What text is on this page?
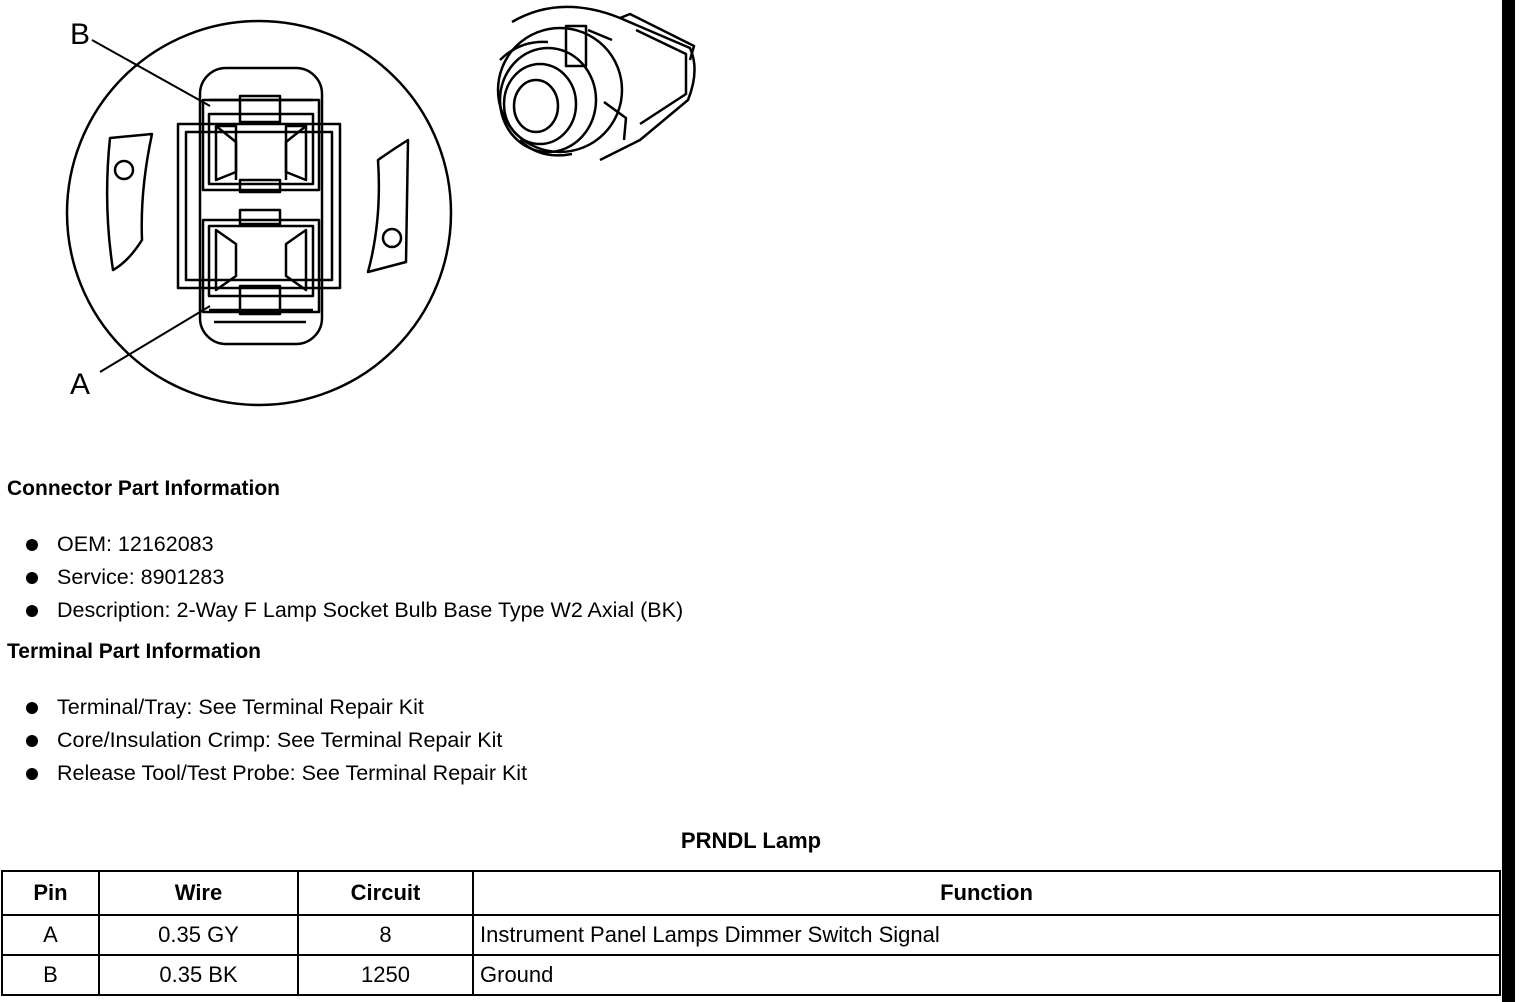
B
A
Connector Part Information
OEM: 12162083
Service: 8901283
Description: 2-Way F Lamp Socket Bulb Base Type W2 Axial (BK)
Terminal Part Information
Terminal/Tray: See Terminal Repair Kit
Core/Insulation Crimp: See Terminal Repair Kit
Release Tool/Test Probe: See Terminal Repair Kit
PRNDL Lamp
Pin	Wire	Circuit	Function
A	0.35 GY	8	Instrument Panel Lamps Dimmer Switch Signal
B	0.35 BK	1250	Ground
